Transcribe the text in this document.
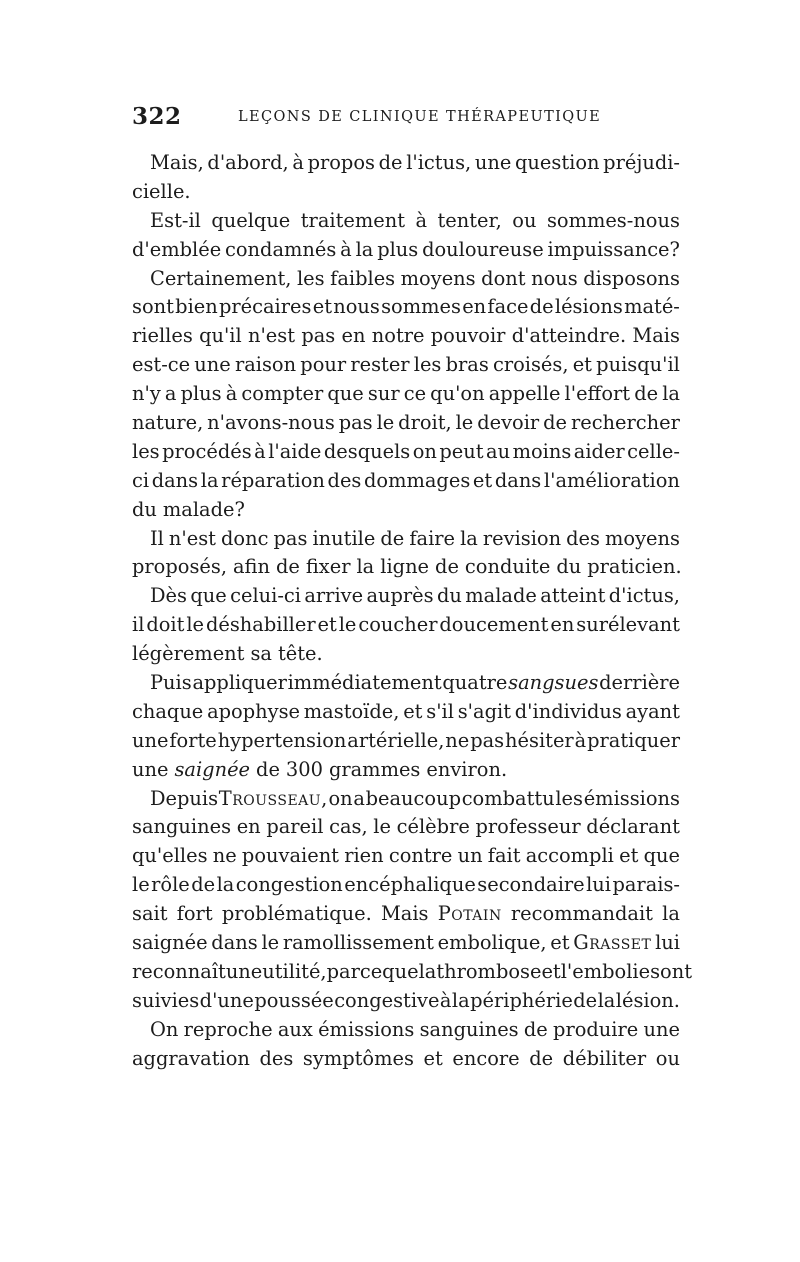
322	LEÇONS DE CLINIQUE THÉRAPEUTIQUE
Mais, d'abord, à propos de l'ictus, une question préjudi-
cielle.
Est-il quelque traitement à tenter, ou sommes-nous
d'emblée condamnés à la plus douloureuse impuissance?
Certainement, les faibles moyens dont nous disposons
sont bien précaires et nous sommes en face de lésions maté-
rielles qu'il n'est pas en notre pouvoir d'atteindre. Mais
est-ce une raison pour rester les bras croisés, et puisqu'il
n'y a plus à compter que sur ce qu'on appelle l'effort de la
nature, n'avons-nous pas le droit, le devoir de rechercher
les procédés à l'aide desquels on peut au moins aider celle-
ci dans la réparation des dommages et dans l'amélioration
du malade?
Il n'est donc pas inutile de faire la revision des moyens
proposés, afin de fixer la ligne de conduite du praticien.
Dès que celui-ci arrive auprès du malade atteint d'ictus,
il doit le déshabiller et le coucher doucement en surélevant
légèrement sa tête.
Puis appliquer immédiatement quatre sangsues derrière
chaque apophyse mastoïde, et s'il s'agit d'individus ayant
une forte hypertension artérielle, ne pas hésiter à pratiquer
une saignée de 300 grammes environ.
Depuis Trousseau, on a beaucoup combattu les émissions
sanguines en pareil cas, le célèbre professeur déclarant
qu'elles ne pouvaient rien contre un fait accompli et que
le rôle de la congestion encéphalique secondaire lui parais-
sait fort problématique. Mais Potain recommandait la
saignée dans le ramollissement embolique, et Grasset lui
reconnaît une utilité, parce que la thrombose et l'embolie sont
suivies d'une poussée congestive à la périphérie de la lésion.
On reproche aux émissions sanguines de produire une
aggravation des symptômes et encore de débiliter ou
